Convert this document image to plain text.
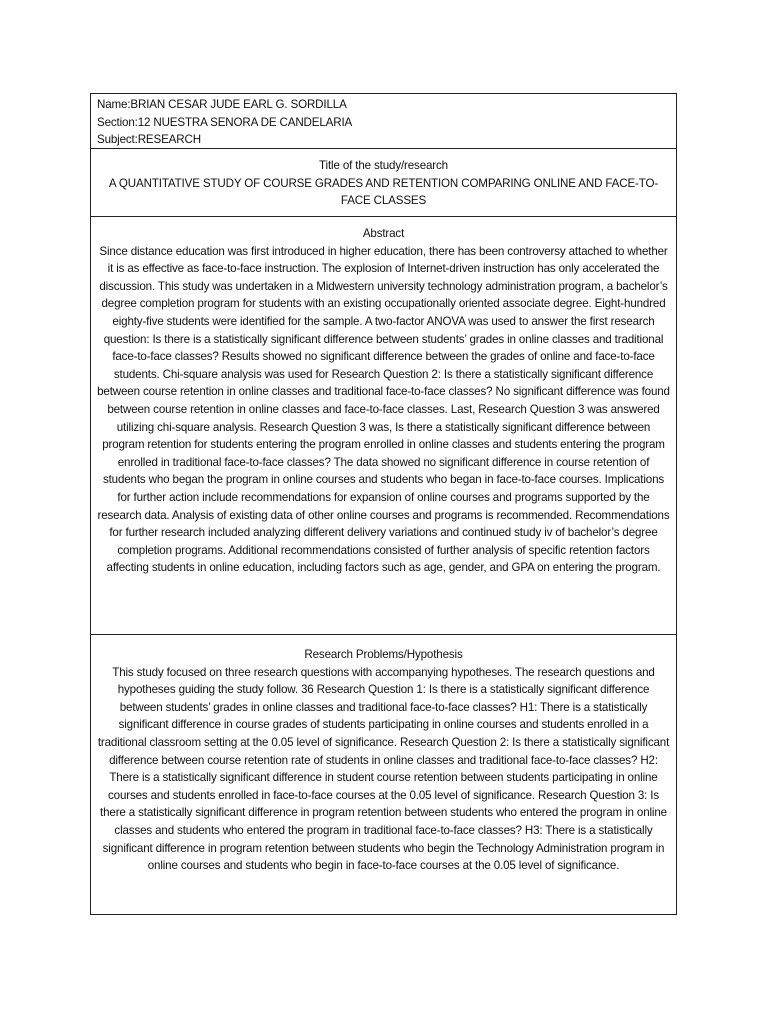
Name:BRIAN CESAR JUDE EARL G. SORDILLA
Section:12 NUESTRA SENORA DE CANDELARIA
Subject:RESEARCH
Title of the study/research
A QUANTITATIVE STUDY OF COURSE GRADES AND RETENTION COMPARING ONLINE AND FACE-TO-FACE CLASSES
Abstract
Since distance education was first introduced in higher education, there has been controversy attached to whether it is as effective as face-to-face instruction. The explosion of Internet-driven instruction has only accelerated the discussion. This study was undertaken in a Midwestern university technology administration program, a bachelor’s degree completion program for students with an existing occupationally oriented associate degree. Eight-hundred eighty-five students were identified for the sample. A two-factor ANOVA was used to answer the first research question: Is there is a statistically significant difference between students’ grades in online classes and traditional face-to-face classes? Results showed no significant difference between the grades of online and face-to-face students. Chi-square analysis was used for Research Question 2: Is there a statistically significant difference between course retention in online classes and traditional face-to-face classes? No significant difference was found between course retention in online classes and face-to-face classes. Last, Research Question 3 was answered utilizing chi-square analysis. Research Question 3 was, Is there a statistically significant difference between program retention for students entering the program enrolled in online classes and students entering the program enrolled in traditional face-to-face classes? The data showed no significant difference in course retention of students who began the program in online courses and students who began in face-to-face courses. Implications for further action include recommendations for expansion of online courses and programs supported by the research data. Analysis of existing data of other online courses and programs is recommended. Recommendations for further research included analyzing different delivery variations and continued study iv of bachelor’s degree completion programs. Additional recommendations consisted of further analysis of specific retention factors affecting students in online education, including factors such as age, gender, and GPA on entering the program.
Research Problems/Hypothesis
This study focused on three research questions with accompanying hypotheses. The research questions and hypotheses guiding the study follow. 36 Research Question 1: Is there is a statistically significant difference between students’ grades in online classes and traditional face-to-face classes? H1: There is a statistically significant difference in course grades of students participating in online courses and students enrolled in a traditional classroom setting at the 0.05 level of significance. Research Question 2: Is there a statistically significant difference between course retention rate of students in online classes and traditional face-to-face classes? H2: There is a statistically significant difference in student course retention between students participating in online courses and students enrolled in face-to-face courses at the 0.05 level of significance. Research Question 3: Is there a statistically significant difference in program retention between students who entered the program in online classes and students who entered the program in traditional face-to-face classes? H3: There is a statistically significant difference in program retention between students who begin the Technology Administration program in online courses and students who begin in face-to-face courses at the 0.05 level of significance.
